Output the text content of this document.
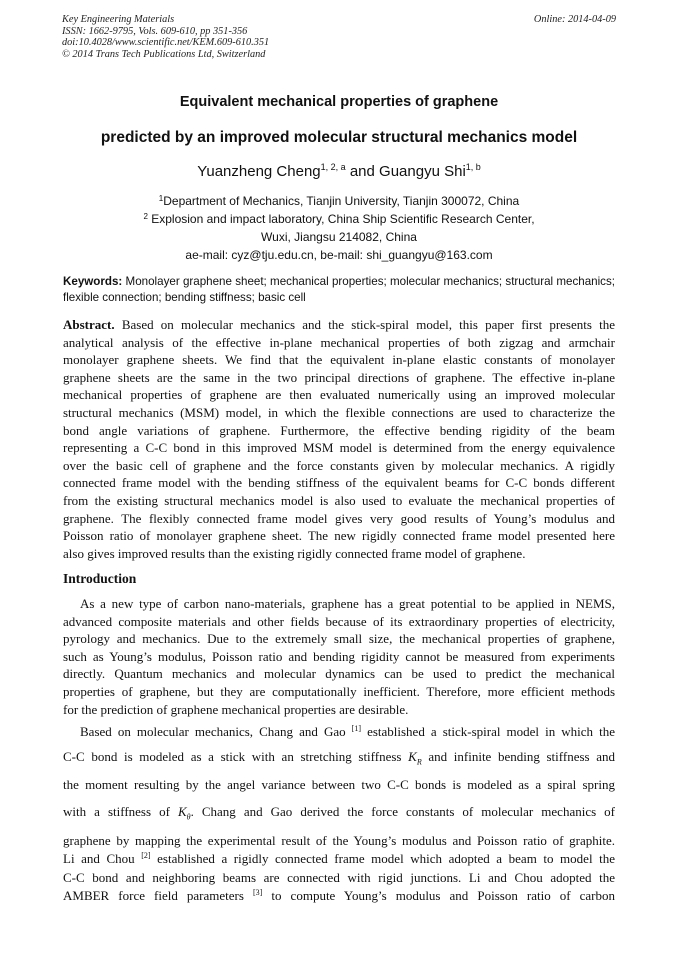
Key Engineering Materials
ISSN: 1662-9795, Vols. 609-610, pp 351-356
doi:10.4028/www.scientific.net/KEM.609-610.351
© 2014 Trans Tech Publications Ltd, Switzerland
Online: 2014-04-09
Equivalent mechanical properties of graphene
predicted by an improved molecular structural mechanics model
Yuanzheng Cheng$^{1, 2, a}$ and Guangyu Shi$^{1, b}$
$^1$Department of Mechanics, Tianjin University, Tianjin 300072, China
$^2$ Explosion and impact laboratory, China Ship Scientific Research Center,
Wuxi, Jiangsu 214082, China
ae-mail: cyz@tju.edu.cn, be-mail: shi_guangyu@163.com
Keywords: Monolayer graphene sheet; mechanical properties; molecular mechanics; structural mechanics; flexible connection; bending stiffness; basic cell
Abstract. Based on molecular mechanics and the stick-spiral model, this paper first presents the
analytical analysis of the effective in-plane mechanical properties of both zigzag and armchair
monolayer graphene sheets. We find that the equivalent in-plane elastic constants of monolayer
graphene sheets are the same in the two principal directions of graphene. The effective in-plane
mechanical properties of graphene are then evaluated numerically using an improved molecular
structural mechanics (MSM) model, in which the flexible connections are used to characterize the
bond angle variations of graphene. Furthermore, the effective bending rigidity of the beam
representing a C-C bond in this improved MSM model is determined from the energy equivalence
over the basic cell of graphene and the force constants given by molecular mechanics. A rigidly
connected frame model with the bending stiffness of the equivalent beams for C-C bonds different
from the existing structural mechanics model is also used to evaluate the mechanical properties of
graphene. The flexibly connected frame model gives very good results of Young’s modulus and
Poisson ratio of monolayer graphene sheet. The new rigidly connected frame model presented here
also gives improved results than the existing rigidly connected frame model of graphene.
Introduction
As a new type of carbon nano-materials, graphene has a great potential to be applied in NEMS,
advanced composite materials and other fields because of its extraordinary properties of electricity,
pyrology and mechanics. Due to the extremely small size, the mechanical properties of graphene,
such as Young’s modulus, Poisson ratio and bending rigidity cannot be measured from experiments
directly. Quantum mechanics and molecular dynamics can be used to predict the mechanical
properties of graphene, but they are computationally inefficient. Therefore, more efficient methods
for the prediction of graphene mechanical properties are desirable.
Based on molecular mechanics, Chang and Gao [1] established a stick-spiral model in which the
C-C bond is modeled as a stick with an stretching stiffness $K_R$ and infinite bending stiffness and
the moment resulting by the angel variance between two C-C bonds is modeled as a spiral spring
with a stiffness of $K_\theta$. Chang and Gao derived the force constants of molecular mechanics of
graphene by mapping the experimental result of the Young’s modulus and Poisson ratio of graphite.
Li and Chou [2] established a rigidly connected frame model which adopted a beam to model the
C-C bond and neighboring beams are connected with rigid junctions. Li and Chou adopted the
AMBER force field parameters [3] to compute Young’s modulus and Poisson ratio of carbon
